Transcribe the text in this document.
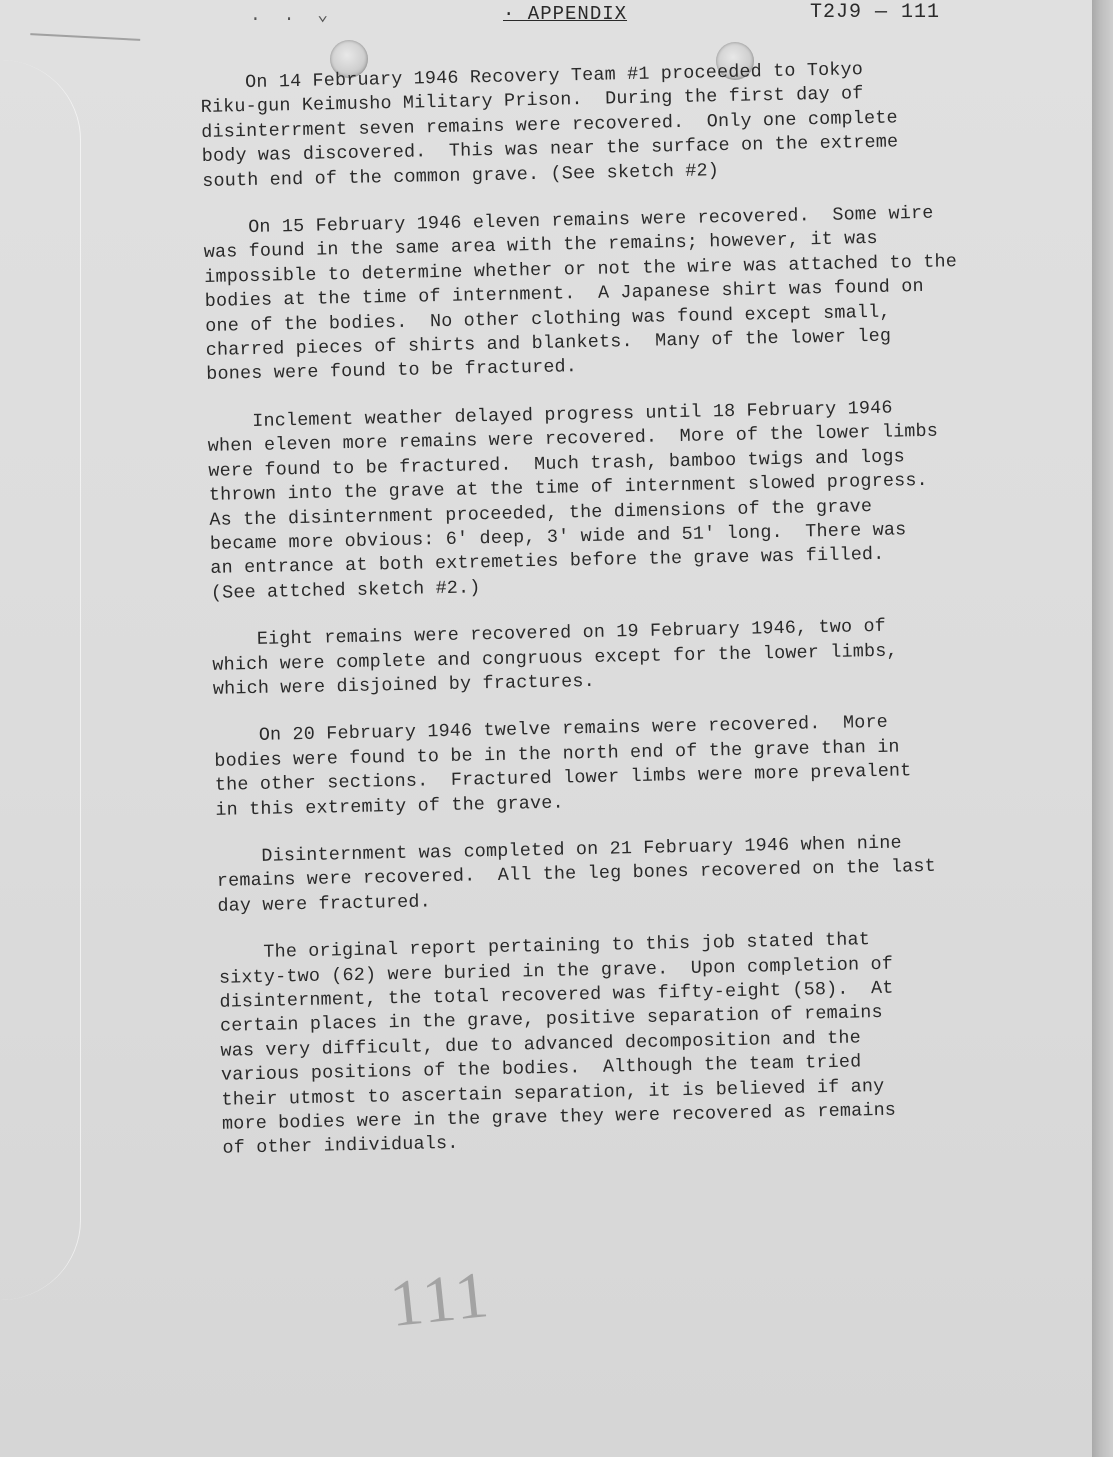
. . ⌄	· APPENDIX	T2J9 — 111

On 14 February 1946 Recovery Team #1 proceeded to Tokyo
Riku-gun Keimusho Military Prison.  During the first day of
disinterrment seven remains were recovered.  Only one complete
body was discovered.  This was near the surface on the extreme
south end of the common grave. (See sketch #2)

On 15 February 1946 eleven remains were recovered.  Some wire
was found in the same area with the remains; however, it was
impossible to determine whether or not the wire was attached to the
bodies at the time of internment.  A Japanese shirt was found on
one of the bodies.  No other clothing was found except small,
charred pieces of shirts and blankets.  Many of the lower leg
bones were found to be fractured.

Inclement weather delayed progress until 18 February 1946
when eleven more remains were recovered.  More of the lower limbs
were found to be fractured.  Much trash, bamboo twigs and logs
thrown into the grave at the time of internment slowed progress.
As the disinternment proceeded, the dimensions of the grave
became more obvious: 6' deep, 3' wide and 51' long.  There was
an entrance at both extremeties before the grave was filled.
(See attched sketch #2.)

Eight remains were recovered on 19 February 1946, two of
which were complete and congruous except for the lower limbs,
which were disjoined by fractures.

On 20 February 1946 twelve remains were recovered.  More
bodies were found to be in the north end of the grave than in
the other sections.  Fractured lower limbs were more prevalent
in this extremity of the grave.

Disinternment was completed on 21 February 1946 when nine
remains were recovered.  All the leg bones recovered on the last
day were fractured.

The original report pertaining to this job stated that
sixty-two (62) were buried in the grave.  Upon completion of
disinternment, the total recovered was fifty-eight (58).  At
certain places in the grave, positive separation of remains
was very difficult, due to advanced decomposition and the
various positions of the bodies.  Although the team tried
their utmost to ascertain separation, it is believed if any
more bodies were in the grave they were recovered as remains
of other individuals.

111
